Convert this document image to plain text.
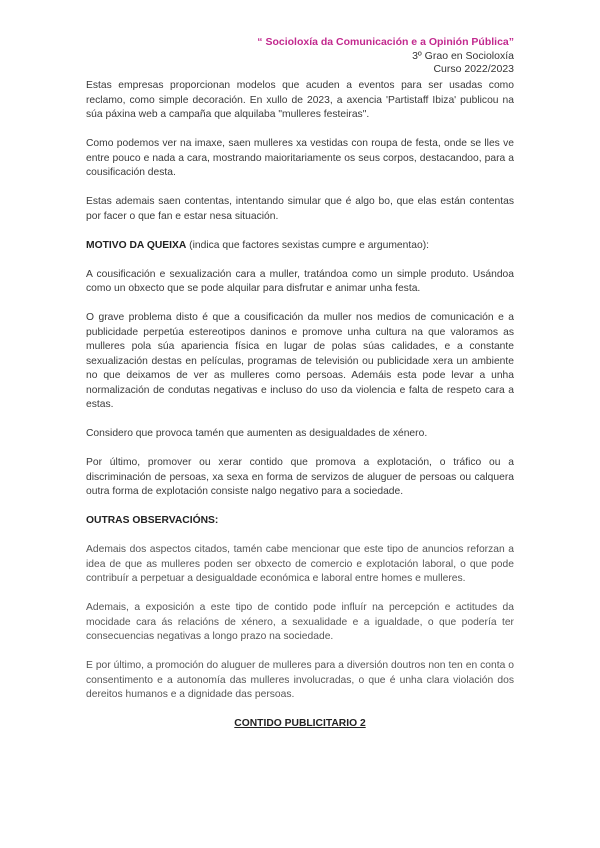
“ Socioloxía da Comunicación e a Opinión Pública”
3º Grao en Socioloxía
Curso 2022/2023

Estas empresas proporcionan modelos que acuden a eventos para ser usadas como reclamo, como simple decoración. En xullo de 2023, a axencia 'Partistaff Ibiza' publicou na súa páxina web a campaña que alquilaba "mulleres festeiras".

Como podemos ver na imaxe, saen mulleres xa vestidas con roupa de festa, onde se lles ve entre pouco e nada a cara, mostrando maioritariamente os seus corpos, destacandoo, para a cousificación desta.

Estas ademais saen contentas, intentando simular que é algo bo, que elas están contentas por facer o que fan e estar nesa situación.

MOTIVO DA QUEIXA (indica que factores sexistas cumpre e argumentao):

A cousificación e sexualización cara a muller, tratándoa como un simple produto. Usándoa como un obxecto que se pode alquilar para disfrutar e animar unha festa.

O grave problema disto é que a cousificación da muller nos medios de comunicación e a publicidade perpetúa estereotipos daninos e promove unha cultura na que valoramos as mulleres pola súa apariencia física en lugar de polas súas calidades, e a constante sexualización destas en películas, programas de televisión ou publicidade xera un ambiente no que deixamos de ver as mulleres como persoas. Ademáis esta pode levar a unha normalización de condutas negativas e incluso do uso da violencia e falta de respeto cara a estas.

Considero que provoca tamén que aumenten as desigualdades de xénero.

Por último, promover ou xerar contido que promova a explotación, o tráfico ou a discriminación de persoas, xa sexa en forma de servizos de aluguer de persoas ou calquera outra forma de explotación consiste nalgo negativo para a sociedade.

OUTRAS OBSERVACIÓNS:

Ademais dos aspectos citados, tamén cabe mencionar que este tipo de anuncios reforzan a idea de que as mulleres poden ser obxecto de comercio e explotación laboral, o que pode contribuír a perpetuar a desigualdade económica e laboral entre homes e mulleres.

Ademais, a exposición a este tipo de contido pode influír na percepción e actitudes da mocidade cara ás relacións de xénero, a sexualidade e a igualdade, o que podería ter consecuencias negativas a longo prazo na sociedade.

E por último, a promoción do aluguer de mulleres para a diversión doutros non ten en conta o consentimento e a autonomía das mulleres involucradas, o que é unha clara violación dos dereitos humanos e a dignidade das persoas.

CONTIDO PUBLICITARIO 2
